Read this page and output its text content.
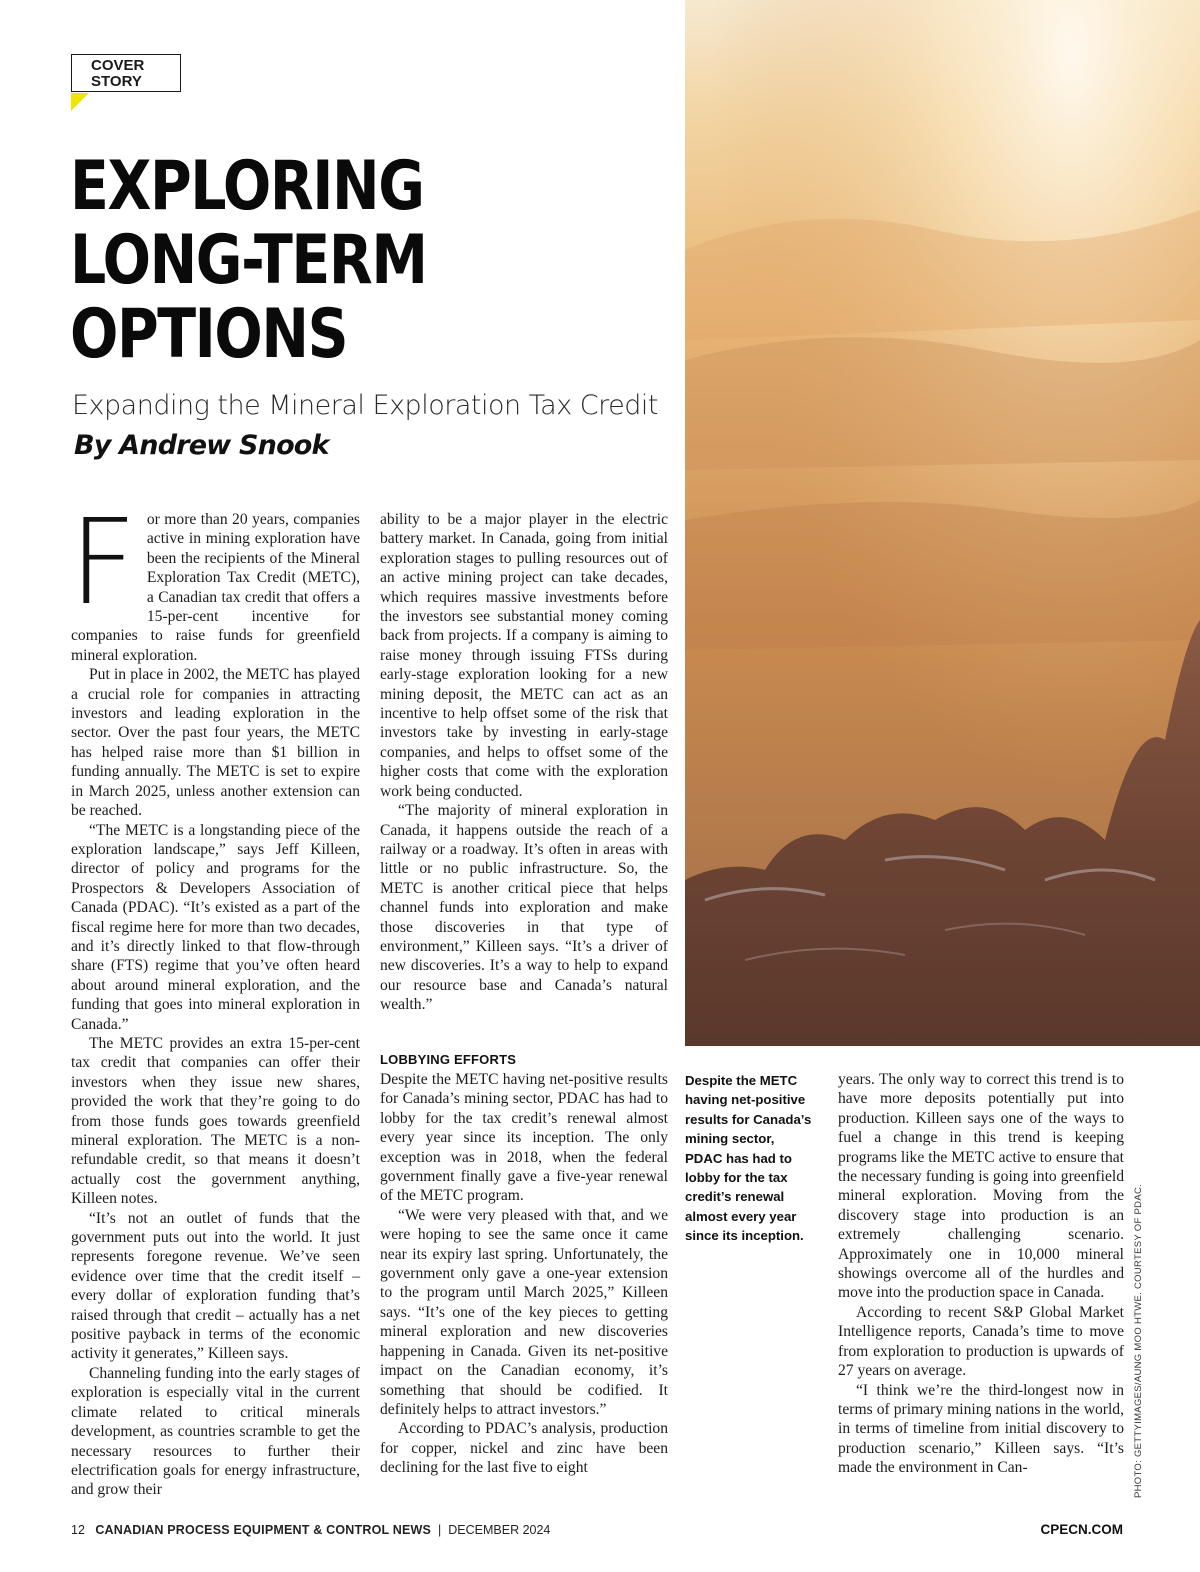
COVER
STORY
EXPLORING
LONG-TERM
OPTIONS
Expanding the Mineral Exploration Tax Credit
By Andrew Snook

For more than 20 years, companies active in mining exploration have been the recipients of the Mineral Exploration Tax Credit (METC), a Canadian tax credit that offers a 15-per-cent incentive for companies to raise funds for greenfield mineral exploration.

Put in place in 2002, the METC has played a crucial role for companies in attracting investors and leading exploration in the sector. Over the past four years, the METC has helped raise more than $1 billion in funding annually. The METC is set to expire in March 2025, unless another extension can be reached.

“The METC is a longstanding piece of the exploration landscape,” says Jeff Killeen, director of policy and programs for the Prospectors & Developers Association of Canada (PDAC). “It’s existed as a part of the fiscal regime here for more than two decades, and it’s directly linked to that flow-through share (FTS) regime that you’ve often heard about around mineral exploration, and the funding that goes into mineral exploration in Canada.”

The METC provides an extra 15-per-cent tax credit that companies can offer their investors when they issue new shares, provided the work that they’re going to do from those funds goes towards greenfield mineral exploration. The METC is a non-refundable credit, so that means it doesn’t actually cost the government anything, Killeen notes.

“It’s not an outlet of funds that the government puts out into the world. It just represents foregone revenue. We’ve seen evidence over time that the credit itself – every dollar of exploration funding that’s raised through that credit – actually has a net positive payback in terms of the economic activity it generates,” Killeen says.

Channeling funding into the early stages of exploration is especially vital in the current climate related to critical minerals development, as countries scramble to get the necessary resources to further their electrification goals for energy infrastructure, and grow their

ability to be a major player in the electric battery market. In Canada, going from initial exploration stages to pulling resources out of an active mining project can take decades, which requires massive investments before the investors see substantial money coming back from projects. If a company is aiming to raise money through issuing FTSs during early-stage exploration looking for a new mining deposit, the METC can act as an incentive to help offset some of the risk that investors take by investing in early-stage companies, and helps to offset some of the higher costs that come with the exploration work being conducted.

“The majority of mineral exploration in Canada, it happens outside the reach of a railway or a roadway. It’s often in areas with little or no public infrastructure. So, the METC is another critical piece that helps channel funds into exploration and make those discoveries in that type of environment,” Killeen says. “It’s a driver of new discoveries. It’s a way to help to expand our resource base and Canada’s natural wealth.”

LOBBYING EFFORTS

Despite the METC having net-positive results for Canada’s mining sector, PDAC has had to lobby for the tax credit’s renewal almost every year since its inception. The only exception was in 2018, when the federal government finally gave a five-year renewal of the METC program.

“We were very pleased with that, and we were hoping to see the same once it came near its expiry last spring. Unfortunately, the government only gave a one-year extension to the program until March 2025,” Killeen says. “It’s one of the key pieces to getting mineral exploration and new discoveries happening in Canada. Given its net-positive impact on the Canadian economy, it’s something that should be codified. It definitely helps to attract investors.”

According to PDAC’s analysis, production for copper, nickel and zinc have been declining for the last five to eight

Despite the METC having net-positive results for Canada’s mining sector, PDAC has had to lobby for the tax credit’s renewal almost every year since its inception.

years. The only way to correct this trend is to have more deposits potentially put into production. Killeen says one of the ways to fuel a change in this trend is keeping programs like the METC active to ensure that the necessary funding is going into greenfield mineral exploration. Moving from the discovery stage into production is an extremely challenging scenario. Approximately one in 10,000 mineral showings overcome all of the hurdles and move into the production space in Canada.

According to recent S&P Global Market Intelligence reports, Canada’s time to move from exploration to production is upwards of 27 years on average.

“I think we’re the third-longest now in terms of primary mining nations in the world, in terms of timeline from initial discovery to production scenario,” Killeen says. “It’s made the environment in Can-	PHOTO: GETTYIMAGES/AUNG MOO HTWE. COURTESY OF PDAC.
12 CANADIAN PROCESS EQUIPMENT & CONTROL NEWS | DECEMBER 2024	CPECN.COM
